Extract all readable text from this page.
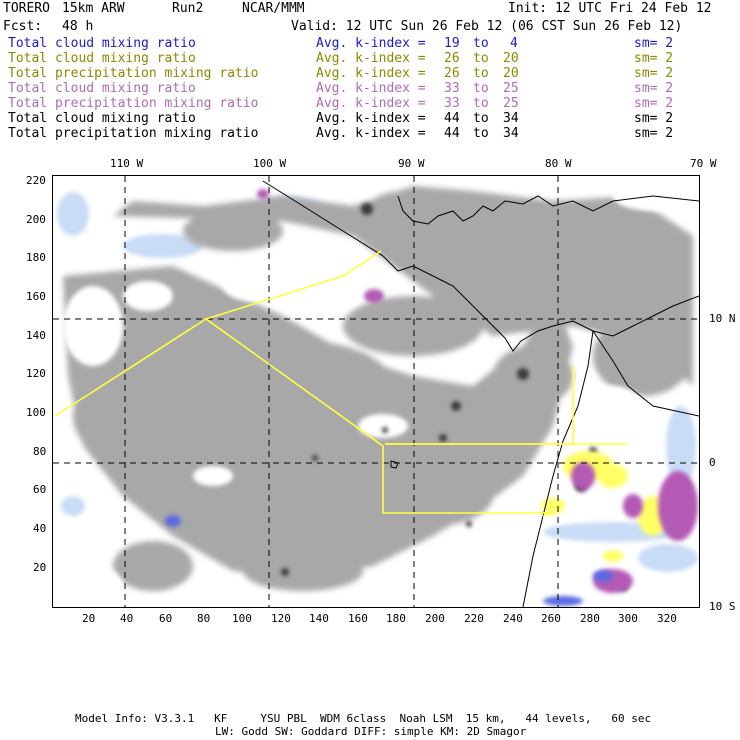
TORERO 15km ARW	Run2	NCAR/MMM	Init: 12 UTC Fri 24 Feb 12
Fcst: 48 h	Valid: 12 UTC Sun 26 Feb 12 (06 CST Sun 26 Feb 12)
Total cloud mixing ratio	Avg. k-index = 19 to 4	sm= 2
Total cloud mixing ratio	Avg. k-index = 26 to 20	sm= 2
Total precipitation mixing ratio	Avg. k-index = 26 to 20	sm= 2
Total cloud mixing ratio	Avg. k-index = 33 to 25	sm= 2
Total precipitation mixing ratio	Avg. k-index = 33 to 25	sm= 2
Total cloud mixing ratio	Avg. k-index = 44 to 34	sm= 2
Total precipitation mixing ratio	Avg. k-index = 44 to 34	sm= 2
110 W	100 W	90 W	80 W	70 W
10 N
0
10 S
220
200
180
160
140
120
100
80
60
40
20
20 40 60 80 100 120 140 160 180 200 220 240 260 280 300 320
Model Info: V3.3.1   KF     YSU PBL  WDM 6class  Noah LSM  15 km,   44 levels,   60 sec
LW: Godd SW: Goddard DIFF: simple KM: 2D Smagor
